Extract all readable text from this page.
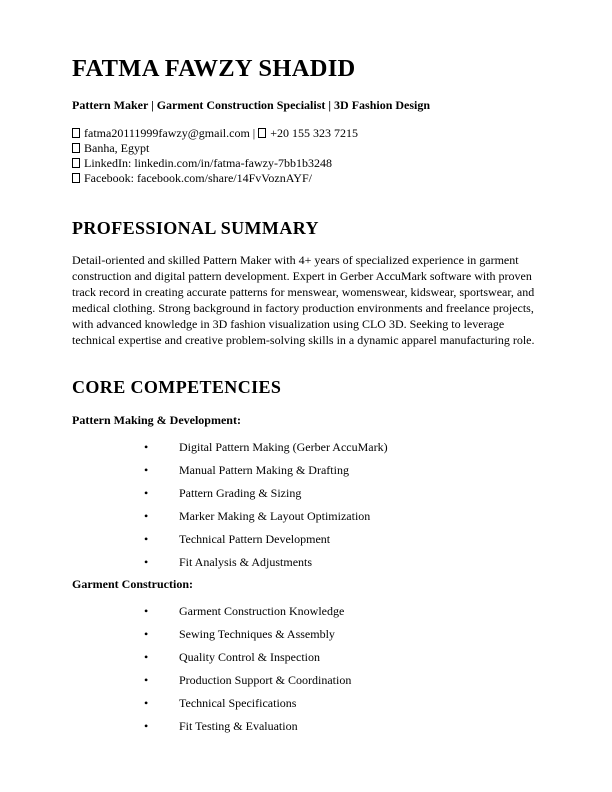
FATMA FAWZY SHADID
Pattern Maker | Garment Construction Specialist | 3D Fashion Design
fatma20111999fawzy@gmail.com | +20 155 323 7215
Banha, Egypt
LinkedIn: linkedin.com/in/fatma-fawzy-7bb1b3248
Facebook: facebook.com/share/14FvVoznAYF/
PROFESSIONAL SUMMARY

Detail-oriented and skilled Pattern Maker with 4+ years of specialized experience in garment construction and digital pattern development. Expert in Gerber AccuMark software with proven track record in creating accurate patterns for menswear, womenswear, kidswear, sportswear, and medical clothing. Strong background in factory production environments and freelance projects, with advanced knowledge in 3D fashion visualization using CLO 3D. Seeking to leverage technical expertise and creative problem-solving skills in a dynamic apparel manufacturing role.

CORE COMPETENCIES
Pattern Making & Development:
•	Digital Pattern Making (Gerber AccuMark)
•	Manual Pattern Making & Drafting
•	Pattern Grading & Sizing
•	Marker Making & Layout Optimization
•	Technical Pattern Development
•	Fit Analysis & Adjustments
Garment Construction:
•	Garment Construction Knowledge
•	Sewing Techniques & Assembly
•	Quality Control & Inspection
•	Production Support & Coordination
•	Technical Specifications
•	Fit Testing & Evaluation
